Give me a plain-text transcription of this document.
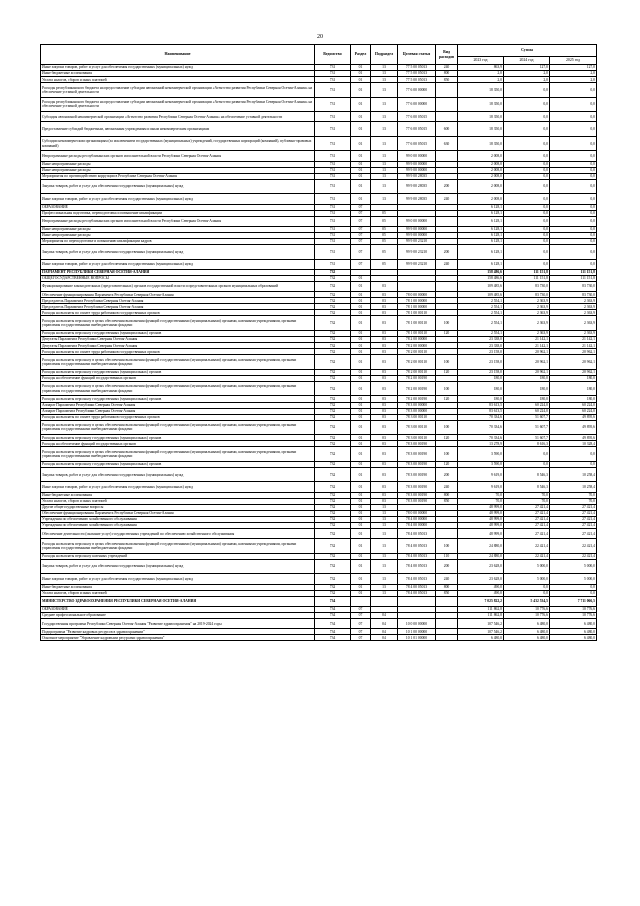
20
Наименование	Ведомство	Раздел	Подраздел	Целевая статья	Вид расходов	Сумма		
						2023 год	2024 год	2025 год
Иные закупки товаров, работ и услуг для обеспечения государственных (муниципальных) нужд	731	01	13	77 5 00 05013	240	863,9	127,0	127,0
Иные бюджетные ассигнования	731	01	13	77 5 00 05013	800	2,0	2,0	2,0
Уплата налогов, сборов и иных платежей	731	01	13	77 5 00 05013	850	2,0	2,0	2,0
Расходы республиканского бюджета на предоставление субсидии автономной некоммерческой организации «Агентство развития Республики Северная Осетия-Алания» на обеспечение уставной деятельности	731	01	13	77 6 00 00000		18 350,0	0,0	0,0
Расходы республиканского бюджета на предоставление субсидии автономной некоммерческой организации «Агентство развития Республики Северная Осетия-Алания» на обеспечение уставной деятельности	731	01	13	77 6 00 00000		18 350,0	0,0	0,0
Субсидия автономной некоммерческой организации «Агентство развития Республики Северная Осетия-Алания» на обеспечение уставной деятельности	731	01	13	77 6 00 05015		18 350,0	0,0	0,0
Предоставление субсидий бюджетным, автономным учреждениям и иным некоммерческим организациям	731	01	13	77 6 00 05015	600	18 350,0	0,0	0,0
Субсидии некоммерческим организациям (за исключением государственных (муниципальных) учреждений, государственных корпораций (компаний), публично-правовых компаний)	731	01	13	77 6 00 05015	630	18 350,0	0,0	0,0
Непрограммные расходы республиканских органов исполнительной власти Республики Северная Осетия-Алания	731	01	13	99 0 00 00000		2 008,0	0,0	0,0
Иные непрограммные расходы	731	01	13	99 9 00 00000		2 008,0	0,0	0,0
Иные непрограммные расходы	731	01	13	99 9 00 00000		2 008,0	0,0	0,0
Мероприятия по противодействию коррупции в Республике Северная Осетия-Алания	731	01	13	99 9 00 28035		2 008,0	0,0	0,0
Закупка товаров, работ и услуг для обеспечения государственных (муниципальных) нужд	731	01	13	99 9 00 28035	200	2 008,0	0,0	0,0
Иные закупки товаров, работ и услуг для обеспечения государственных (муниципальных) нужд	731	01	13	99 9 00 28035	240	2 008,0	0,0	0,0
ОБРАЗОВАНИЕ	731	07				6 128,1	0,0	0,0
Профессиональная подготовка, переподготовка и повышение квалификации	731	07	05			6 128,1	0,0	0,0
Непрограммные расходы республиканских органов исполнительной власти Республики Северная Осетия-Алания	731	07	05	99 0 00 00000		6 128,1	0,0	0,0
Иные непрограммные расходы	731	07	05	99 9 00 00000		6 128,1	0,0	0,0
Иные непрограммные расходы	731	07	05	99 9 00 00000		6 128,1	0,0	0,0
Мероприятия по переподготовке и повышению квалификации кадров	731	07	05	99 9 00 23210		6 128,1	0,0	0,0
Закупка товаров, работ и услуг для обеспечения государственных (муниципальных) нужд	731	07	05	99 9 00 23210	200	6 128,1	0,0	0,0
Иные закупки товаров, работ и услуг для обеспечения государственных (муниципальных) нужд	731	07	05	99 9 00 23210	240	6 128,1	0,0	0,0
ПАРЛАМЕНТ РЕСПУБЛИКИ СЕВЕРНАЯ ОСЕТИЯ-АЛАНИЯ	732					158 486,6	111 151,8	111 151,8
ОБЩЕГОСУДАРСТВЕННЫЕ ВОПРОСЫ	732	01				158 486,6	111 151,8	111 151,8
Функционирование законодательных (представительных) органов государственной власти и представительных органов муниципальных образований	732	01	03			109 485,6	83 730,0	83 730,0
Обеспечение функционирования Парламента Республики Северная Осетия-Алания	732	01	03	78 0 00 00000		109 485,6	83 730,0	83 730,0
Председатель Парламента Республики Северная Осетия-Алания	732	01	03	78 1 00 00000		2 554,1	2 363,9	2 363,9
Председатель Парламента Республики Северная Осетия-Алания	732	01	03	78 1 00 00000		2 554,1	2 363,9	2 363,9
Расходы на выплаты по оплате труда работников государственных органов	732	01	03	78 1 00 00110		2 554,1	2 363,9	2 363,9
Расходы на выплаты персоналу в целях обеспечения выполнения функций государственными (муниципальными) органами, казенными учреждениями, органами управления государственными внебюджетными фондами	732	01	03	78 1 00 00110	100	2 554,1	2 363,9	2 363,9
Расходы на выплаты персоналу государственных (муниципальных) органов	732	01	03	78 1 00 00110	120	2 554,1	2 363,9	2 363,9
Депутаты Парламента Республики Северная Осетия-Алания	732	01	03	78 2 00 00000		23 338,0	21 142,1	21 142,1
Депутаты Парламента Республики Северная Осетия-Алания	732	01	03	78 2 00 00000		23 338,0	21 142,1	21 142,1
Расходы на выплаты по оплате труда работников государственных органов	732	01	03	78 2 00 00110		23 158,0	20 962,1	20 962,1
Расходы на выплаты персоналу в целях обеспечения выполнения функций государственными (муниципальными) органами, казенными учреждениями, органами управления государственными внебюджетными фондами	732	01	03	78 2 00 00110	100	23 158,0	20 962,1	20 962,1
Расходы на выплаты персоналу государственных (муниципальных) органов	732	01	03	78 2 00 00110	120	23 158,0	20 962,1	20 962,1
Расходы на обеспечение функций государственных органов	732	01	03	78 2 00 00190		180,0	180,0	180,0
Расходы на выплаты персоналу в целях обеспечения выполнения функций государственными (муниципальными) органами, казенными учреждениями, органами управления государственными внебюджетными фондами	732	01	03	78 2 00 00190	100	180,0	180,0	180,0
Расходы на выплаты персоналу государственных (муниципальных) органов	732	01	03	78 2 00 00190	120	180,0	180,0	180,0
Аппарат Парламента Республики Северная Осетия-Алания	732	01	03	78 3 00 00000		83 613,5	60 224,0	60 224,0
Аппарат Парламента Республики Северная Осетия-Алания	732	01	03	78 3 00 00000		83 613,5	60 224,0	60 224,0
Расходы на выплаты по оплате труда работников государственных органов	732	01	03	78 3 00 00110		70 334,6	51 607,7	49 895,6
Расходы на выплаты персоналу в целях обеспечения выполнения функций государственными (муниципальными) органами, казенными учреждениями, органами управления государственными внебюджетными фондами	732	01	03	78 3 00 00110	100	70 334,6	51 607,7	49 895,6
Расходы на выплаты персоналу государственных (муниципальных) органов	732	01	03	78 3 00 00110	120	70 334,6	51 607,7	49 895,6
Расходы на обеспечение функций государственных органов	732	01	03	78 3 00 00190		13 278,9	8 616,3	10 328,4
Расходы на выплаты персоналу в целях обеспечения выполнения функций государственными (муниципальными) органами, казенными учреждениями, органами управления государственными внебюджетными фондами	732	01	03	78 3 00 00190	100	3 590,0	0,0	0,0
Расходы на выплаты персоналу государственных (муниципальных) органов	732	01	03	78 3 00 00190	120	3 590,0	0,0	0,0
Закупка товаров, работ и услуг для обеспечения государственных (муниципальных) нужд	732	01	03	78 3 00 00190	200	9 619,0	8 546,3	10 258,4
Иные закупки товаров, работ и услуг для обеспечения государственных (муниципальных) нужд	732	01	03	78 3 00 00190	240	9 619,0	8 546,3	10 258,4
Иные бюджетные ассигнования	732	01	03	78 3 00 00190	800	70,0	70,0	70,0
Уплата налогов, сборов и иных платежей	732	01	03	78 3 00 00190	850	70,0	70,0	70,0
Другие общегосударственные вопросы	732	01	13			48 999,0	27 421,4	27 421,4
Обеспечение функционирования Парламента Республики Северная Осетия-Алания	732	01	13	78 0 00 00000		48 999,0	27 421,4	27 421,4
Учреждения по обеспечению хозяйственного обслуживания	732	01	13	78 4 00 00000		48 999,0	27 421,4	27 421,4
Учреждения по обеспечению хозяйственного обслуживания	732	01	13	78 4 00 00000		48 999,0	27 421,4	27 421,4
Обеспечение деятельности (оказание услуг) государственных учреждений по обеспечению хозяйственного обслуживания	732	01	13	78 4 00 05013		48 999,0	27 421,4	27 421,4
Расходы на выплаты персоналу в целях обеспечения выполнения функций государственными (муниципальными) органами, казенными учреждениями, органами управления государственными внебюджетными фондами	732	01	13	78 4 00 05013	100	24 880,0	22 421,4	22 421,4
Расходы на выплаты персоналу казенных учреждений	732	01	13	78 4 00 05013	110	24 880,0	22 421,4	22 421,4
Закупка товаров, работ и услуг для обеспечения государственных (муниципальных) нужд	732	01	13	78 4 00 05013	200	23 628,0	5 000,0	5 000,0
Иные закупки товаров, работ и услуг для обеспечения государственных (муниципальных) нужд	732	01	13	78 4 00 05013	240	23 628,0	5 000,0	5 000,0
Иные бюджетные ассигнования	732	01	13	78 4 00 05013	800	490,0	0,0	0,0
Уплата налогов, сборов и иных платежей	732	01	13	78 4 00 05013	850	490,0	0,0	0,0
МИНИСТЕРСТВО ЗДРАВООХРАНЕНИЯ РЕСПУБЛИКИ СЕВЕРНАЯ ОСЕТИЯ-АЛАНИЯ	734					7 025 822,2	5 432 534,5	7 711 066,5
ОБРАЗОВАНИЕ	734	07				111 862,8	10 776,6	10 776,6
Среднее профессиональное образование	734	07	04			111 862,8	10 776,6	10 776,6
Государственная программа Республики Северная Осетия-Алания "Развитие здравоохранения" на 2019-2024 годы	734	07	04	10 0 00 00000		107 546,2	6 480,0	6 480,0
Подпрограмма "Развитие кадровых ресурсов в здравоохранении"	734	07	04	10 1 00 00000		107 546,2	6 480,0	6 480,0
Основное мероприятие "Управление кадровыми ресурсами здравоохранения"	734	07	04	10 1 01 00000		6 480,0	6 480,0	6 480,0
